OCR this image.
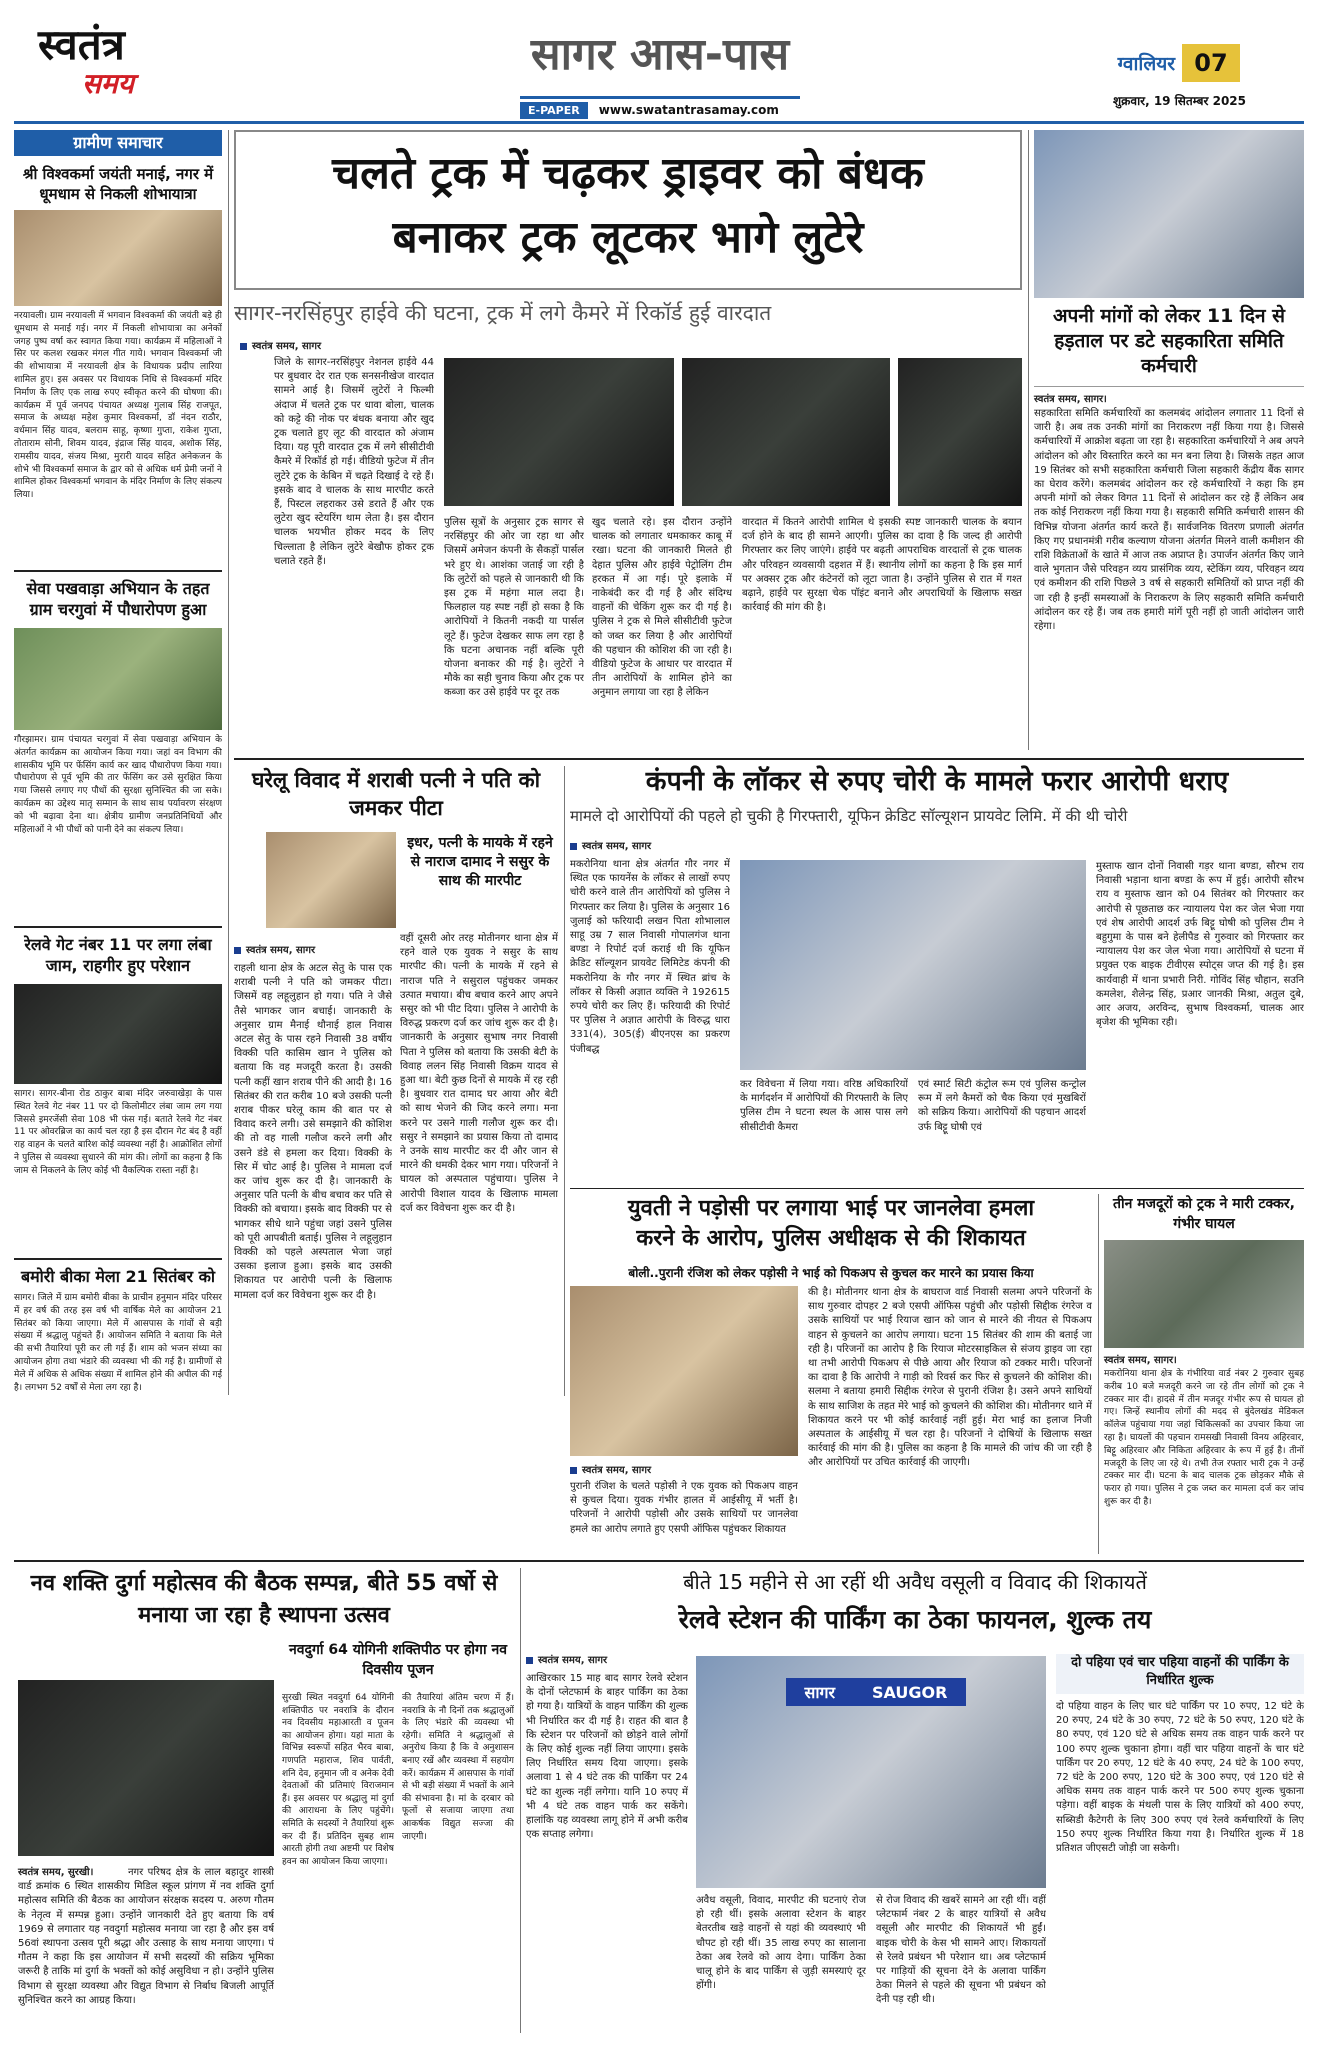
स्वतंत्र
समय
सागर आस-पास
E-PAPER www.swatantrasamay.com
ग्वालियर 07
शुक्रवार, 19 सितम्बर 2025
ग्रामीण समाचार
श्री विश्वकर्मा जयंती मनाई, नगर में धूमधाम से निकली शोभायात्रा
नरयावली। ग्राम नरयावली में भगवान विश्वकर्मा की जयंती बड़े ही धूमधाम से मनाई गई। नगर में निकली शोभायात्रा का अनेकों जगह पुष्प वर्षा कर स्वागत किया गया। कार्यक्रम में महिलाओं ने सिर पर कलश रखकर मंगल गीत गाये। भगवान विश्वकर्मा जी की शोभायात्रा में नरयावली क्षेत्र के विधायक प्रदीप लारिया शामिल हुए। इस अवसर पर विधायक निधि से विश्वकर्मा मंदिर निर्माण के लिए एक लाख रुपए स्वीकृत करने की घोषणा की। कार्यक्रम में पूर्व जनपद पंचायत अध्यक्ष गुलाब सिंह राजपूत, समाज के अध्यक्ष महेश कुमार विश्वकर्मा, डॉ नंदन राठौर, वर्धमान सिंह यादव, बलराम साहू, कृष्णा गुप्ता, राकेश गुप्ता, तोताराम सोनी, शिवम यादव, इंद्राज सिंह यादव, अशोक सिंह, रामसीय यादव, संजय मिश्रा, मुरारी यादव सहित अनेकजन के शोभे भी विश्वकर्मा समाज के द्वार को से अधिक धर्म प्रेमी जनों ने शामिल होकर विश्वकर्मा भगवान के मंदिर निर्माण के लिए संकल्प लिया।
सेवा पखवाड़ा अभियान के तहत ग्राम चरगुवां में पौधारोपण हुआ
गौरझामर। ग्राम पंचायत चरगुवां में सेवा पखवाड़ा अभियान के अंतर्गत कार्यक्रम का आयोजन किया गया। जहां वन विभाग की शासकीय भूमि पर फेंसिंग कार्य कर खाद पौधारोपण किया गया। पौधारोपण से पूर्व भूमि की तार फेंसिंग कर उसे सुरक्षित किया गया जिससे लगाए गए पौधों की सुरक्षा सुनिश्चित की जा सके। कार्यक्रम का उद्देश्य मातृ सम्मान के साथ साथ पर्यावरण संरक्षण को भी बढ़ावा देना था। क्षेत्रीय ग्रामीण जनप्रतिनिधियों और महिलाओं ने भी पौधों को पानी देने का संकल्प लिया।
रेलवे गेट नंबर 11 पर लगा लंबा जाम, राहगीर हुए परेशान
सागर। सागर-बीना रोड ठाकुर बाबा मंदिर जरुवाखेड़ा के पास स्थित रेलवे गेट नंबर 11 पर दो किलोमीटर लंबा जाम लग गया जिससे इमरजेंसी सेवा 108 भी फंस गई। बताते रेलवे गेट नंबर 11 पर ओवरब्रिज का कार्य चल रहा है इस दौरान गेट बंद है वहीं राह वाहन के चलते बारिश कोई व्यवस्था नहीं है। आक्रोशित लोगों ने पुलिस से व्यवस्था सुधारने की मांग की। लोगों का कहना है कि जाम से निकलने के लिए कोई भी वैकल्पिक रास्ता नहीं है।
बमोरी बीका मेला 21 सितंबर को
सागर। जिले में ग्राम बमोरी बीका के प्राचीन हनुमान मंदिर परिसर में हर वर्ष की तरह इस वर्ष भी वार्षिक मेले का आयोजन 21 सितंबर को किया जाएगा। मेले में आसपास के गांवों से बड़ी संख्या में श्रद्धालु पहुंचते हैं। आयोजन समिति ने बताया कि मेले की सभी तैयारियां पूरी कर ली गई हैं। शाम को भजन संध्या का आयोजन होगा तथा भंडारे की व्यवस्था भी की गई है। ग्रामीणों से मेले में अधिक से अधिक संख्या में शामिल होने की अपील की गई है। लगभग 52 वर्षों से मेला लग रहा है।
चलते ट्रक में चढ़कर ड्राइवर को बंधक
बनाकर ट्रक लूटकर भागे लुटेरे
सागर-नरसिंहपुर हाईवे की घटना, ट्रक में लगे कैमरे में रिकॉर्ड हुई वारदात
स्वतंत्र समय, सागर
जिले के सागर-नरसिंहपुर नेशनल हाईवे 44 पर बुधवार देर रात एक सनसनीखेज वारदात सामने आई है। जिसमें लुटेरों ने फिल्मी अंदाज में चलते ट्रक पर धावा बोला, चालक को कट्टे की नोक पर बंधक बनाया और खुद ट्रक चलाते हुए लूट की वारदात को अंजाम दिया। यह पूरी वारदात ट्रक में लगे सीसीटीवी कैमरे में रिकॉर्ड हो गई। वीडियो फुटेज में तीन लुटेरे ट्रक के केबिन में चढ़ते दिखाई दे रहे हैं। इसके बाद वे चालक के साथ मारपीट करते हैं, पिस्टल लहराकर उसे डराते हैं और एक लुटेरा खुद स्टेयरिंग थाम लेता है। इस दौरान चालक भयभीत होकर मदद के लिए चिल्लाता है लेकिन लुटेरे बेखौफ होकर ट्रक चलाते रहते हैं।
पुलिस सूत्रों के अनुसार ट्रक सागर से नरसिंहपुर की ओर जा रहा था और जिसमें अमेजन कंपनी के सैकड़ों पार्सल भरे हुए थे। आशंका जताई जा रही है कि लुटेरों को पहले से जानकारी थी कि इस ट्रक में महंगा माल लदा है। फिलहाल यह स्पष्ट नहीं हो सका है कि आरोपियों ने कितनी नकदी या पार्सल लूटे हैं। फुटेज देखकर साफ लग रहा है कि घटना अचानक नहीं बल्कि पूरी योजना बनाकर की गई है। लुटेरों ने मौके का सही चुनाव किया और ट्रक पर कब्जा कर उसे हाईवे पर दूर तक
खुद चलाते रहे। इस दौरान उन्होंने चालक को लगातार धमकाकर काबू में रखा। घटना की जानकारी मिलते ही देहात पुलिस और हाईवे पेट्रोलिंग टीम हरकत में आ गई। पूरे इलाके में नाकेबंदी कर दी गई है और संदिग्ध वाहनों की चेकिंग शुरू कर दी गई है। पुलिस ने ट्रक से मिले सीसीटीवी फुटेज को जब्त कर लिया है और आरोपियों की पहचान की कोशिश की जा रही है। वीडियो फुटेज के आधार पर वारदात में तीन आरोपियों के शामिल होने का अनुमान लगाया जा रहा है लेकिन
वारदात में कितने आरोपी शामिल थे इसकी स्पष्ट जानकारी चालक के बयान दर्ज होने के बाद ही सामने आएगी। पुलिस का दावा है कि जल्द ही आरोपी गिरफ्तार कर लिए जाएंगे। हाईवे पर बढ़ती आपराधिक वारदातों से ट्रक चालक और परिवहन व्यवसायी दहशत में हैं। स्थानीय लोगों का कहना है कि इस मार्ग पर अक्सर ट्रक और कंटेनरों को लूटा जाता है। उन्होंने पुलिस से रात में गश्त बढ़ाने, हाईवे पर सुरक्षा चेक पॉइंट बनाने और अपराधियों के खिलाफ सख्त कार्रवाई की मांग की है।
अपनी मांगों को लेकर 11 दिन से हड़ताल पर डटे सहकारिता समिति कर्मचारी
स्वतंत्र समय, सागर।
सहकारिता समिति कर्मचारियों का कलमबंद आंदोलन लगातार 11 दिनों से जारी है। अब तक उनकी मांगों का निराकरण नहीं किया गया है। जिससे कर्मचारियों में आक्रोश बढ़ता जा रहा है। सहकारिता कर्मचारियों ने अब अपने आंदोलन को और विस्तारित करने का मन बना लिया है। जिसके तहत आज 19 सितंबर को सभी सहकारिता कर्मचारी जिला सहकारी केंद्रीय बैंक सागर का घेराव करेंगे। कलमबंद आंदोलन कर रहे कर्मचारियों ने कहा कि हम अपनी मांगों को लेकर विगत 11 दिनों से आंदोलन कर रहे हैं लेकिन अब तक कोई निराकरण नहीं किया गया है। सहकारी समिति कर्मचारी शासन की विभिन्न योजना अंतर्गत कार्य करते हैं। सार्वजनिक वितरण प्रणाली अंतर्गत किए गए प्रधानमंत्री गरीब कल्याण योजना अंतर्गत मिलने वाली कमीशन की राशि विक्रेताओं के खाते में आज तक अप्राप्त है। उपार्जन अंतर्गत किए जाने वाले भुगतान जैसे परिवहन व्यय प्रासंगिक व्यय, स्टेकिंग व्यय, परिवहन व्यय एवं कमीशन की राशि पिछले 3 वर्ष से सहकारी समितियों को प्राप्त नहीं की जा रही है इन्हीं समस्याओं के निराकरण के लिए सहकारी समिति कर्मचारी आंदोलन कर रहे हैं। जब तक हमारी मांगें पूरी नहीं हो जाती आंदोलन जारी रहेगा।
घरेलू विवाद में शराबी पत्नी ने पति को जमकर पीटा
इधर, पत्नी के मायके में रहने से नाराज दामाद ने ससुर के साथ की मारपीट
स्वतंत्र समय, सागर
राहली थाना क्षेत्र के अटल सेतु के पास एक शराबी पत्नी ने पति को जमकर पीटा। जिसमें वह लहूलुहान हो गया। पति ने जैसे तैसे भागकर जान बचाई। जानकारी के अनुसार ग्राम मैनाई थौनाई हाल निवास अटल सेतु के पास रहने निवासी 38 वर्षीय विक्की पति कासिम खान ने पुलिस को बताया कि वह मजदूरी करता है। उसकी पत्नी कहीं खान शराब पीने की आदी है। 16 सितंबर की रात करीब 10 बजे उसकी पत्नी शराब पीकर घरेलू काम की बात पर से विवाद करने लगी। उसे समझाने की कोशिश की तो वह गाली गलौज करने लगी और उसने डंडे से हमला कर दिया। विक्की के सिर में चोट आई है। पुलिस ने मामला दर्ज कर जांच शुरू कर दी है। जानकारी के अनुसार पति पत्नी के बीच बचाव कर पति से विक्की को बचाया। इसके बाद विक्की पर से भागकर सीधे थाने पहुंचा जहां उसने पुलिस को पूरी आपबीती बताई। पुलिस ने लहूलुहान विक्की को पहले अस्पताल भेजा जहां उसका इलाज हुआ। इसके बाद उसकी शिकायत पर आरोपी पत्नी के खिलाफ मामला दर्ज कर विवेचना शुरू कर दी है।
वहीं दूसरी ओर तरह मोतीनगर थाना क्षेत्र में रहने वाले एक युवक ने ससुर के साथ मारपीट की। पत्नी के मायके में रहने से नाराज पति ने ससुराल पहुंचकर जमकर उत्पात मचाया। बीच बचाव करने आए अपने ससुर को भी पीट दिया। पुलिस ने आरोपी के विरुद्ध प्रकरण दर्ज कर जांच शुरू कर दी है। जानकारी के अनुसार सुभाष नगर निवासी पिता ने पुलिस को बताया कि उसकी बेटी के विवाह ललन सिंह निवासी विक्रम यादव से हुआ था। बेटी कुछ दिनों से मायके में रह रही है। बुधवार रात दामाद घर आया और बेटी को साथ भेजने की जिद करने लगा। मना करने पर उसने गाली गलौज शुरू कर दी। ससुर ने समझाने का प्रयास किया तो दामाद ने उनके साथ मारपीट कर दी और जान से मारने की धमकी देकर भाग गया। परिजनों ने घायल को अस्पताल पहुंचाया। पुलिस ने आरोपी विशाल यादव के खिलाफ मामला दर्ज कर विवेचना शुरू कर दी है।
कंपनी के लॉकर से रुपए चोरी के मामले फरार आरोपी धराए
मामले दो आरोपियों की पहले हो चुकी है गिरफ्तारी, यूफिन क्रेडिट सॉल्यूशन प्रायवेट लिमि. में की थी चोरी
स्वतंत्र समय, सागर
मकरोनिया थाना क्षेत्र अंतर्गत गौर नगर में स्थित एक फायनेंस के लॉकर से लाखों रुपए चोरी करने वाले तीन आरोपियों को पुलिस ने गिरफ्तार कर लिया है। पुलिस के अनुसार 16 जुलाई को फरियादी लखन पिता शोभालाल साहू उम्र 7 साल निवासी गोपालगंज थाना बण्डा ने रिपोर्ट दर्ज कराई थी कि यूफिन क्रेडिट सॉल्यूशन प्रायवेट लिमिटेड कंपनी की मकरोनिया के गौर नगर में स्थित ब्रांच के लॉकर से किसी अज्ञात व्यक्ति ने 192615 रुपये चोरी कर लिए हैं। फरियादी की रिपोर्ट पर पुलिस ने अज्ञात आरोपी के विरुद्ध धारा 331(4), 305(ई) बीएनएस का प्रकरण पंजीबद्ध
कर विवेचना में लिया गया। वरिष्ठ अधिकारियों के मार्गदर्शन में आरोपियों की गिरफ्तारी के लिए पुलिस टीम ने घटना स्थल के आस पास लगे सीसीटीवी कैमरा
एवं स्मार्ट सिटी कंट्रोल रूम एवं पुलिस कन्ट्रोल रूम में लगे कैमरों को चैक किया एवं मुखबिरों को सक्रिय किया। आरोपियों की पहचान आदर्श उर्फ बिट्टू घोषी एवं
मुस्ताफ खान दोनों निवासी गड़र थाना बण्डा, सौरभ राय निवासी भड़ाना थाना बण्डा के रूप में हुई। आरोपी सौरभ राय व मुस्ताफ खान को 04 सितंबर को गिरफ्तार कर आरोपी से पूछताछ कर न्यायालय पेश कर जेल भेजा गया एवं शेष आरोपी आदर्श उर्फ बिट्टू घोषी को पुलिस टीम ने बहुगुमा के पास बने हेलीपैड से गुरुवार को गिरफ्तार कर न्यायालय पेश कर जेल भेजा गया। आरोपियों से घटना में प्रयुक्त एक बाइक टीवीएस स्पोट्स जप्त की गई है। इस कार्यवाही में थाना प्रभारी निरी. गोविंद सिंह चौहान, सउनि कमलेश, शैलेन्द्र सिंह, प्रआर जानकी मिश्रा, अतुल दुबे, आर अजय, अरविन्द, सुभाष विश्वकर्मा, चालक आर बृजेश की भूमिका रही।
युवती ने पड़ोसी पर लगाया भाई पर जानलेवा हमला
करने के आरोप, पुलिस अधीक्षक से की शिकायत
बोली..पुरानी रंजिश को लेकर पड़ोसी ने भाई को पिकअप से कुचल कर मारने का प्रयास किया
स्वतंत्र समय, सागर
पुरानी रंजिश के चलते पड़ोसी ने एक युवक को पिकअप वाहन से कुचल दिया। युवक गंभीर हालत में आईसीयू में भर्ती है। परिजनों ने आरोपी पड़ोसी और उसके साथियों पर जानलेवा हमले का आरोप लगाते हुए एसपी ऑफिस पहुंचकर शिकायत
की है। मोतीनगर थाना क्षेत्र के बाघराज वार्ड निवासी सलमा अपने परिजनों के साथ गुरुवार दोपहर 2 बजे एसपी ऑफिस पहुंची और पड़ोसी सिद्दीक रंगरेज व उसके साथियों पर भाई रियाज खान को जान से मारने की नीयत से पिकअप वाहन से कुचलने का आरोप लगाया। घटना 15 सितंबर की शाम की बताई जा रही है। परिजनों का आरोप है कि रियाज मोटरसाइकिल से संजय ड्राइव जा रहा था तभी आरोपी पिकअप से पीछे आया और रियाज को टक्कर मारी। परिजनों का दावा है कि आरोपी ने गाड़ी को रिवर्स कर फिर से कुचलने की कोशिश की। सलमा ने बताया हमारी सिद्दीक रंगरेज से पुरानी रंजिश है। उसने अपने साथियों के साथ साजिश के तहत मेरे भाई को कुचलने की कोशिश की। मोतीनगर थाने में शिकायत करने पर भी कोई कार्रवाई नहीं हुई। मेरा भाई का इलाज निजी अस्पताल के आईसीयू में चल रहा है। परिजनों ने दोषियों के खिलाफ सख्त कार्रवाई की मांग की है। पुलिस का कहना है कि मामले की जांच की जा रही है और आरोपियों पर उचित कार्रवाई की जाएगी।
तीन मजदूरों को ट्रक ने मारी टक्कर, गंभीर घायल
स्वतंत्र समय, सागर।
मकरोनिया थाना क्षेत्र के गंभीरिया वार्ड नंबर 2 गुरुवार सुबह करीब 10 बजे मजदूरी करने जा रहे तीन लोगों को ट्रक ने टक्कर मार दी। हादसे में तीन मजदूर गंभीर रूप से घायल हो गए। जिन्हें स्थानीय लोगों की मदद से बुंदेलखंड मेडिकल कॉलेज पहुंचाया गया जहां चिकित्सकों का उपचार किया जा रहा है। घायलों की पहचान रामसखी निवासी विनय अहिरवार, बिट्टू अहिरवार और निकिता अहिरवार के रूप में हुई है। तीनों मजदूरी के लिए जा रहे थे। तभी तेज रफ्तार भारी ट्रक ने उन्हें टक्कर मार दी। घटना के बाद चालक ट्रक छोड़कर मौके से फरार हो गया। पुलिस ने ट्रक जब्त कर मामला दर्ज कर जांच शुरू कर दी है।
नव शक्ति दुर्गा महोत्सव की बैठक सम्पन्न, बीते 55 वर्षो से मनाया जा रहा है स्थापना उत्सव
स्वतंत्र समय, सुरखी।	नगर परिषद क्षेत्र के लाल बहादुर शास्त्री वार्ड क्रमांक 6 स्थित शासकीय मिडिल स्कूल प्रांगण में नव शक्ति दुर्गा महोत्सव समिति की बैठक का आयोजन संरक्षक सदस्य प. अरुण गौतम के नेतृत्व में सम्पन्न हुआ। उन्होंने जानकारी देते हुए बताया कि वर्ष 1969 से लगातार यह नवदुर्गा महोत्सव मनाया जा रहा है और इस वर्ष 56वां स्थापना उत्सव पूरी श्रद्धा और उत्साह के साथ मनाया जाएगा। पं गौतम ने कहा कि इस आयोजन में सभी सदस्यों की सक्रिय भूमिका जरूरी है ताकि मां दुर्गा के भक्तों को कोई असुविधा न हो। उन्होंने पुलिस विभाग से सुरक्षा व्यवस्था और विद्युत विभाग से निर्बाध बिजली आपूर्ति सुनिश्चित करने का आग्रह किया।
नवदुर्गा 64 योगिनी शक्तिपीठ पर होगा नव दिवसीय पूजन
सुरखी स्थित नवदुर्गा 64 योगिनी शक्तिपीठ पर नवरात्रि के दौरान नव दिवसीय महाआरती व पूजन का आयोजन होगा। यहां माता के विभिन्न स्वरूपों सहित भैरव बाबा, गणपति महाराज, शिव पार्वती, शनि देव, हनुमान जी व अनेक देवी देवताओं की प्रतिमाएं विराजमान हैं। इस अवसर पर श्रद्धालु मां दुर्गा की आराधना के लिए पहुंचेंगे। समिति के सदस्यों ने तैयारियां शुरू कर दी हैं। प्रतिदिन सुबह शाम आरती होगी तथा अष्टमी पर विशेष हवन का आयोजन किया जाएगा।
की तैयारियां अंतिम चरण में हैं। नवरात्रि के नौ दिनों तक श्रद्धालुओं के लिए भंडारे की व्यवस्था भी रहेगी। समिति ने श्रद्धालुओं से अनुरोध किया है कि वे अनुशासन बनाए रखें और व्यवस्था में सहयोग करें। कार्यक्रम में आसपास के गांवों से भी बड़ी संख्या में भक्तों के आने की संभावना है। मां के दरबार को फूलों से सजाया जाएगा तथा आकर्षक विद्युत सज्जा की जाएगी।
बीते 15 महीने से आ रहीं थी अवैध वसूली व विवाद की शिकायतें
रेलवे स्टेशन की पार्किंग का ठेका फायनल, शुल्क तय
स्वतंत्र समय, सागर
आखिरकार 15 माह बाद सागर रेलवे स्टेशन के दोनों प्लेटफार्म के बाहर पार्किंग का ठेका हो गया है। यात्रियों के वाहन पार्किंग की शुल्क भी निर्धारित कर दी गई है। राहत की बात है कि स्टेशन पर परिजनों को छोड़ने वाले लोगों के लिए कोई शुल्क नहीं लिया जाएगा। इसके लिए निर्धारित समय दिया जाएगा। इसके अलावा 1 से 4 घंटे तक की पार्किंग पर 24 घंटे का शुल्क नहीं लगेगा। यानि 10 रुपए में भी 4 घंटे तक वाहन पार्क कर सकेंगे। हालांकि यह व्यवस्था लागू होने में अभी करीब एक सप्ताह लगेगा।
सागर SAUGOR
अवैध वसूली, विवाद, मारपीट की घटनाएं रोज हो रही थीं। इसके अलावा स्टेशन के बाहर बेतरतीब खड़े वाहनों से यहां की व्यवस्थाएं भी चौपट हो रही थीं। 35 लाख रुपए का सालाना ठेका अब रेलवे को आय देगा। पार्किंग ठेका चालू होने के बाद पार्किंग से जुड़ी समस्याएं दूर होंगी।
से रोज विवाद की खबरें सामने आ रही थीं। वहीं प्लेटफार्म नंबर 2 के बाहर यात्रियों से अवैध वसूली और मारपीट की शिकायतें भी हुईं। बाइक चोरी के केस भी सामने आए। शिकायतों से रेलवे प्रबंधन भी परेशान था। अब प्लेटफार्म पर गाड़ियों की सूचना देने के अलावा पार्किंग ठेका मिलने से पहले की सूचना भी प्रबंधन को देनी पड़ रही थी।
दो पहिया एवं चार पहिया वाहनों की पार्किंग के निर्धारित शुल्क
दो पहिया वाहन के लिए चार घंटे पार्किंग पर 10 रुपए, 12 घंटे के 20 रुपए, 24 घंटे के 30 रुपए, 72 घंटे के 50 रुपए, 120 घंटे के 80 रुपए, एवं 120 घंटे से अधिक समय तक वाहन पार्क करने पर 100 रुपए शुल्क चुकाना होगा। वहीं चार पहिया वाहनों के चार घंटे पार्किंग पर 20 रुपए, 12 घंटे के 40 रुपए, 24 घंटे के 100 रुपए, 72 घंटे के 200 रुपए, 120 घंटे के 300 रुपए, एवं 120 घंटे से अधिक समय तक वाहन पार्क करने पर 500 रुपए शुल्क चुकाना पड़ेगा। वहीं बाइक के मंथली पास के लिए यात्रियों को 400 रुपए, सब्सिडी कैटेगरी के लिए 300 रुपए एवं रेलवे कर्मचारियों के लिए 150 रुपए शुल्क निर्धारित किया गया है। निर्धारित शुल्क में 18 प्रतिशत जीएसटी जोड़ी जा सकेगी।
